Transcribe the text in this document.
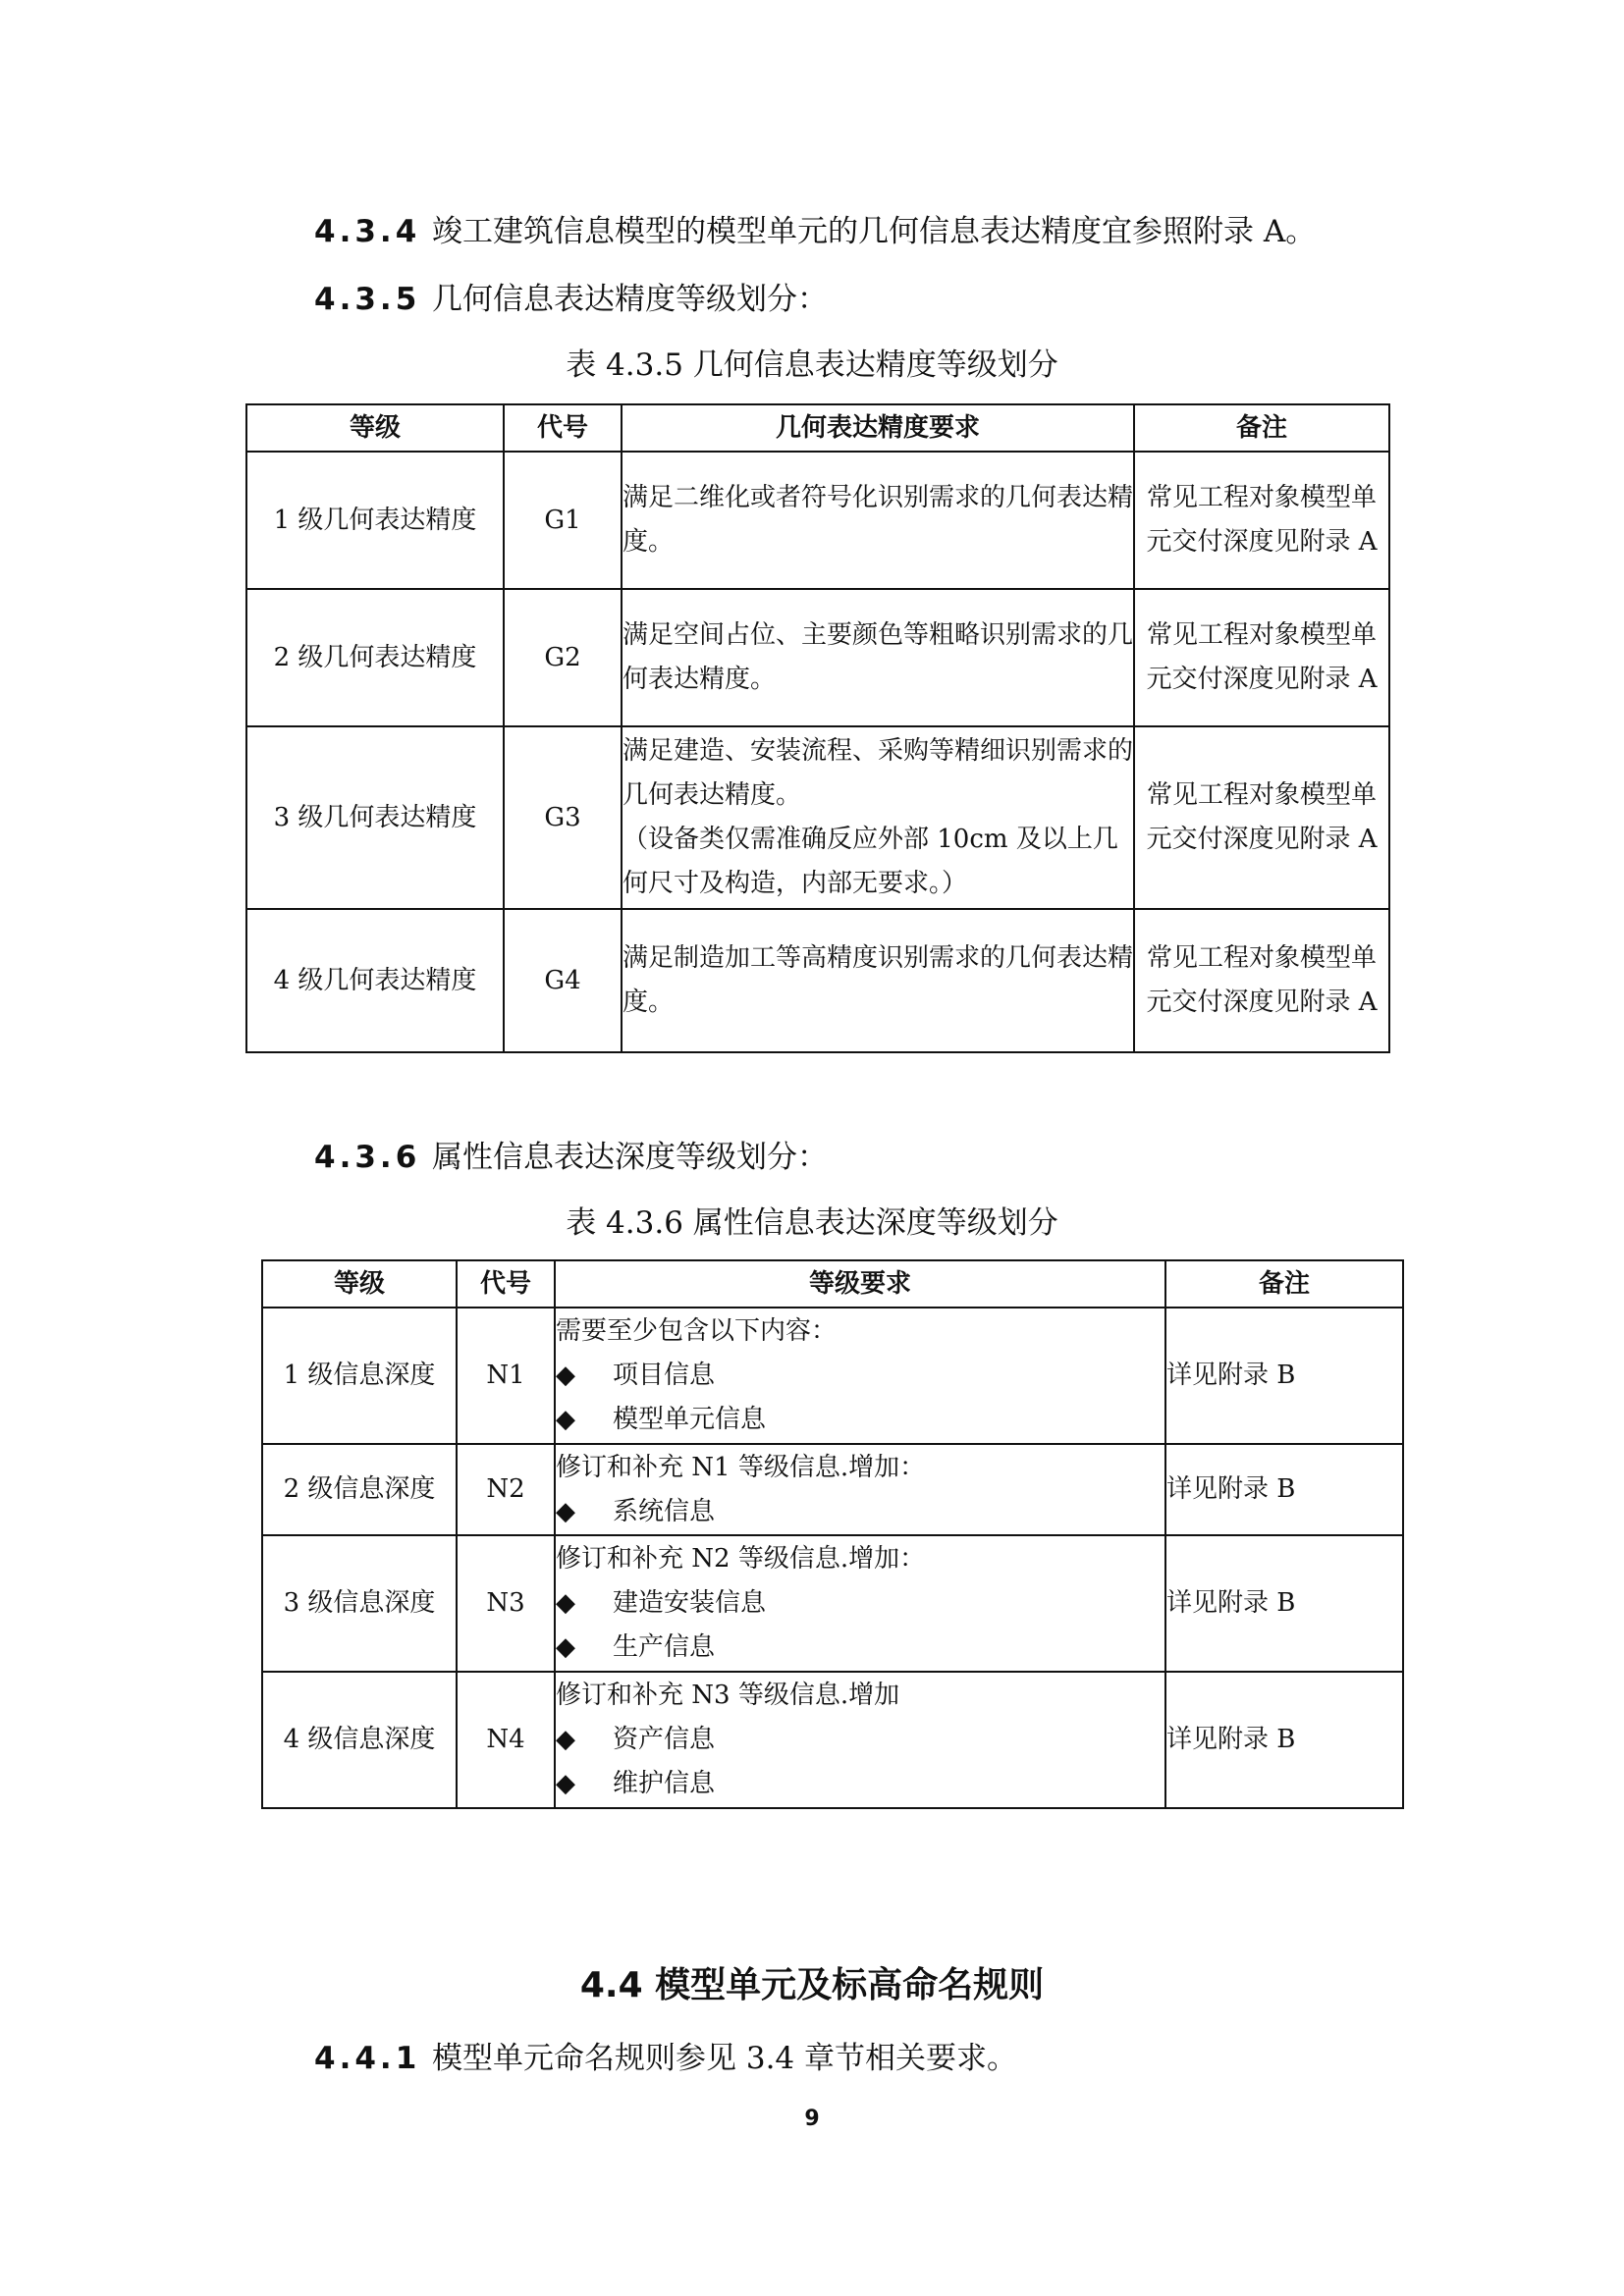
4.3.4 竣工建筑信息模型的模型单元的几何信息表达精度宜参照附录 A。
4.3.5 几何信息表达精度等级划分：
表 4.3.5 几何信息表达精度等级划分
等级	代号	几何表达精度要求	备注
1 级几何表达精度	G1	满足二维化或者符号化识别需求的几何表达精度。	常见工程对象模型单元交付深度见附录 A
2 级几何表达精度	G2	满足空间占位、主要颜色等粗略识别需求的几何表达精度。	常见工程对象模型单元交付深度见附录 A
3 级几何表达精度	G3	满足建造、安装流程、采购等精细识别需求的几何表达精度。
（设备类仅需准确反应外部 10cm 及以上几何尺寸及构造，内部无要求。）	常见工程对象模型单元交付深度见附录 A
4 级几何表达精度	G4	满足制造加工等高精度识别需求的几何表达精度。	常见工程对象模型单元交付深度见附录 A
4.3.6 属性信息表达深度等级划分：
表 4.3.6 属性信息表达深度等级划分
等级	代号	等级要求	备注
1 级信息深度	N1	需要至少包含以下内容：
◆ 项目信息
◆ 模型单元信息	详见附录 B
2 级信息深度	N2	修订和补充 N1 等级信息.增加：
◆ 系统信息	详见附录 B
3 级信息深度	N3	修订和补充 N2 等级信息.增加：
◆ 建造安装信息
◆ 生产信息	详见附录 B
4 级信息深度	N4	修订和补充 N3 等级信息.增加
◆ 资产信息
◆ 维护信息	详见附录 B
4.4 模型单元及标高命名规则
4.4.1 模型单元命名规则参见 3.4 章节相关要求。
9
